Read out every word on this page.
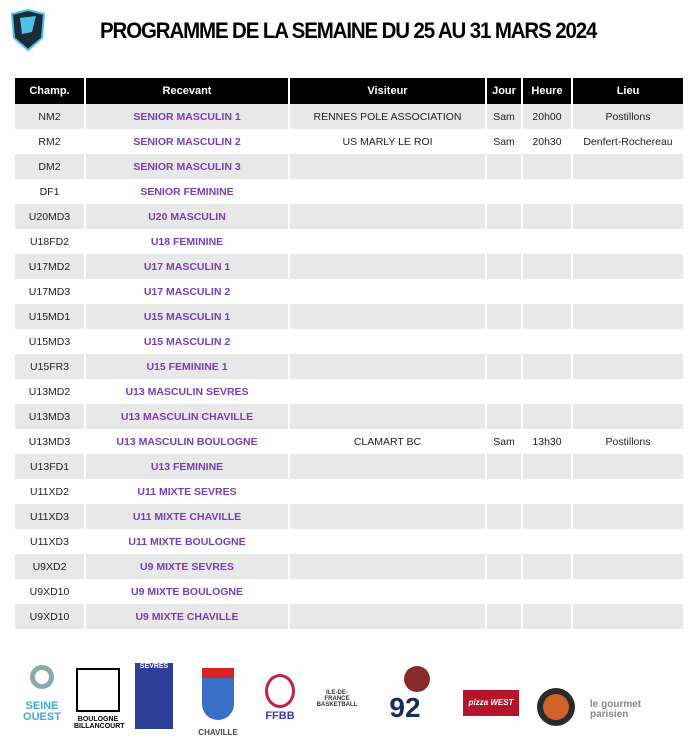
PROGRAMME DE LA SEMAINE DU 25 AU 31 MARS 2024
Champ.	Recevant	Visiteur	Jour	Heure	Lieu
NM2	SENIOR MASCULIN 1	RENNES POLE ASSOCIATION	Sam	20h00	Postillons
RM2	SENIOR MASCULIN 2	US MARLY LE ROI	Sam	20h30	Denfert-Rochereau
DM2	SENIOR MASCULIN 3				
DF1	SENIOR FEMININE				
U20MD3	U20 MASCULIN				
U18FD2	U18 FEMININE				
U17MD2	U17 MASCULIN 1				
U17MD3	U17 MASCULIN 2				
U15MD1	U15 MASCULIN 1				
U15MD3	U15 MASCULIN 2				
U15FR3	U15 FEMININE 1				
U13MD2	U13 MASCULIN SEVRES				
U13MD3	U13 MASCULIN CHAVILLE				
U13MD3	U13 MASCULIN BOULOGNE	CLAMART BC	Sam	13h30	Postillons
U13FD1	U13 FEMININE				
U11XD2	U11 MIXTE SEVRES				
U11XD3	U11 MIXTE CHAVILLE				
U11XD3	U11 MIXTE BOULOGNE				
U9XD2	U9 MIXTE SEVRES				
U9XD10	U9 MIXTE BOULOGNE				
U9XD10	U9 MIXTE CHAVILLE				
SEINE OUEST	BOULOGNE BILLANCOURT
SEVRES
CHAVILLE
FFBB
ILE-DE-FRANCE BASKETBALL	92	pizza WEST	le gourmet parisien
